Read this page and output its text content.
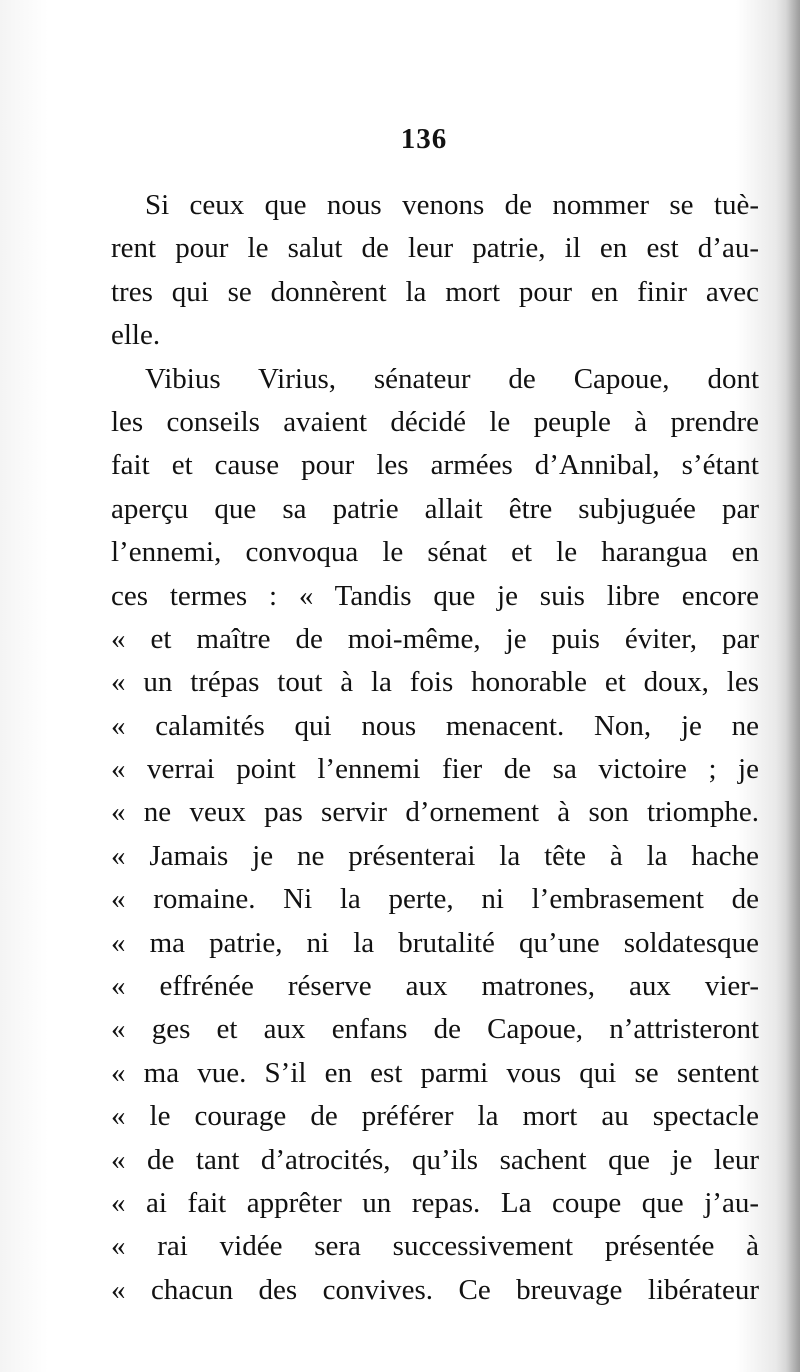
136
Si ceux que nous venons de nommer se tuè-
rent pour le salut de leur patrie, il en est d’au-
tres qui se donnèrent la mort pour en finir avec
elle.
Vibius Virius, sénateur de Capoue, dont
les conseils avaient décidé le peuple à prendre
fait et cause pour les armées d’Annibal, s’étant
aperçu que sa patrie allait être subjuguée par
l’ennemi, convoqua le sénat et le harangua en
ces termes : « Tandis que je suis libre encore
« et maître de moi-même, je puis éviter, par
« un trépas tout à la fois honorable et doux, les
« calamités qui nous menacent. Non, je ne
« verrai point l’ennemi fier de sa victoire ; je
« ne veux pas servir d’ornement à son triomphe.
« Jamais je ne présenterai la tête à la hache
« romaine. Ni la perte, ni l’embrasement de
« ma patrie, ni la brutalité qu’une soldatesque
« effrénée réserve aux matrones, aux vier-
« ges et aux enfans de Capoue, n’attristeront
« ma vue. S’il en est parmi vous qui se sentent
« le courage de préférer la mort au spectacle
« de tant d’atrocités, qu’ils sachent que je leur
« ai fait apprêter un repas. La coupe que j’au-
« rai vidée sera successivement présentée à
« chacun des convives. Ce breuvage libérateur
